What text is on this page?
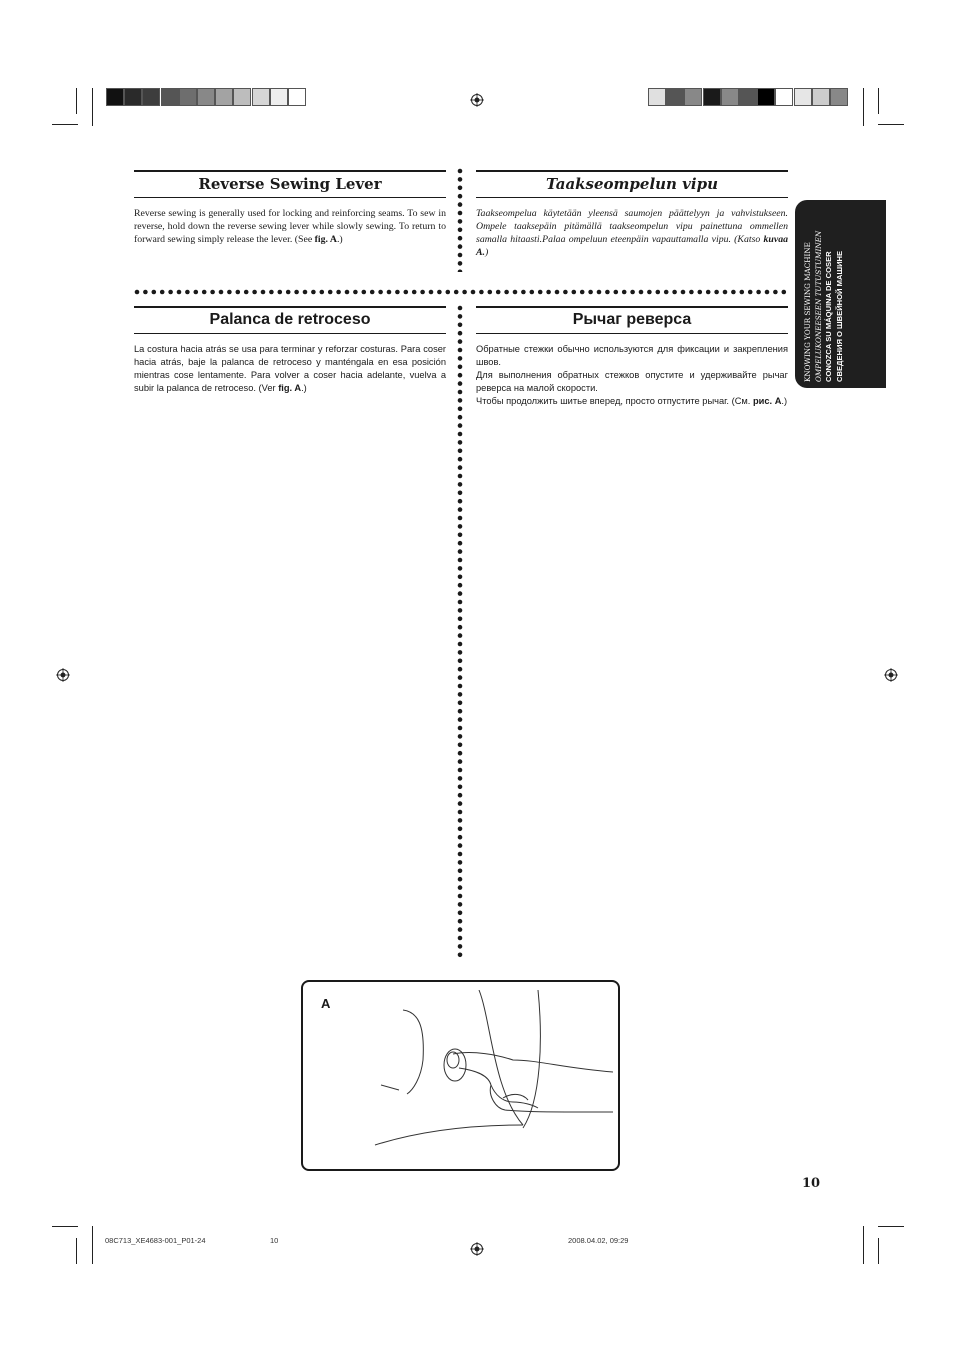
Reverse Sewing Lever
Reverse sewing is generally used for locking and reinforcing seams. To sew in reverse, hold down the reverse sewing lever while slowly sewing. To return to forward sewing simply release the lever. (See fig. A.)
Taakseompelun vipu
Taakseompelua käytetään yleensä saumojen päättelyyn ja vahvistukseen. Ompele taaksepäin pitämällä taakseompelun vipu painettuna ommellen samalla hitaasti.Palaa ompeluun eteenpäin vapauttamalla vipu. (Katso kuvaa A.)
Palanca de retroceso
La costura hacia atrás se usa para terminar y reforzar costuras. Para coser hacia atrás, baje la palanca de retroceso y manténgala en esa posición mientras cose lentamente. Para volver a coser hacia adelante, vuelva a subir la palanca de retroceso. (Ver fig. A.)
Рычаг реверса
Обратные стежки обычно используются для фиксации и закрепления швов.
Для выполнения обратных стежков опустите и удерживайте рычаг реверса на малой скорости.
Чтобы продолжить шитье вперед, просто отпустите рычаг. (См. рис. А.)
KNOWING YOUR SEWING MACHINE OMPELUKONEESEEN TUTUSTUMINEN CONOZCA SU MÁQUINA DE COSER СВЕДЕНИЯ О ШВЕЙНОЙ МАШИНЕ
A
10
08C713_XE4683-001_P01-24	10	2008.04.02, 09:29
